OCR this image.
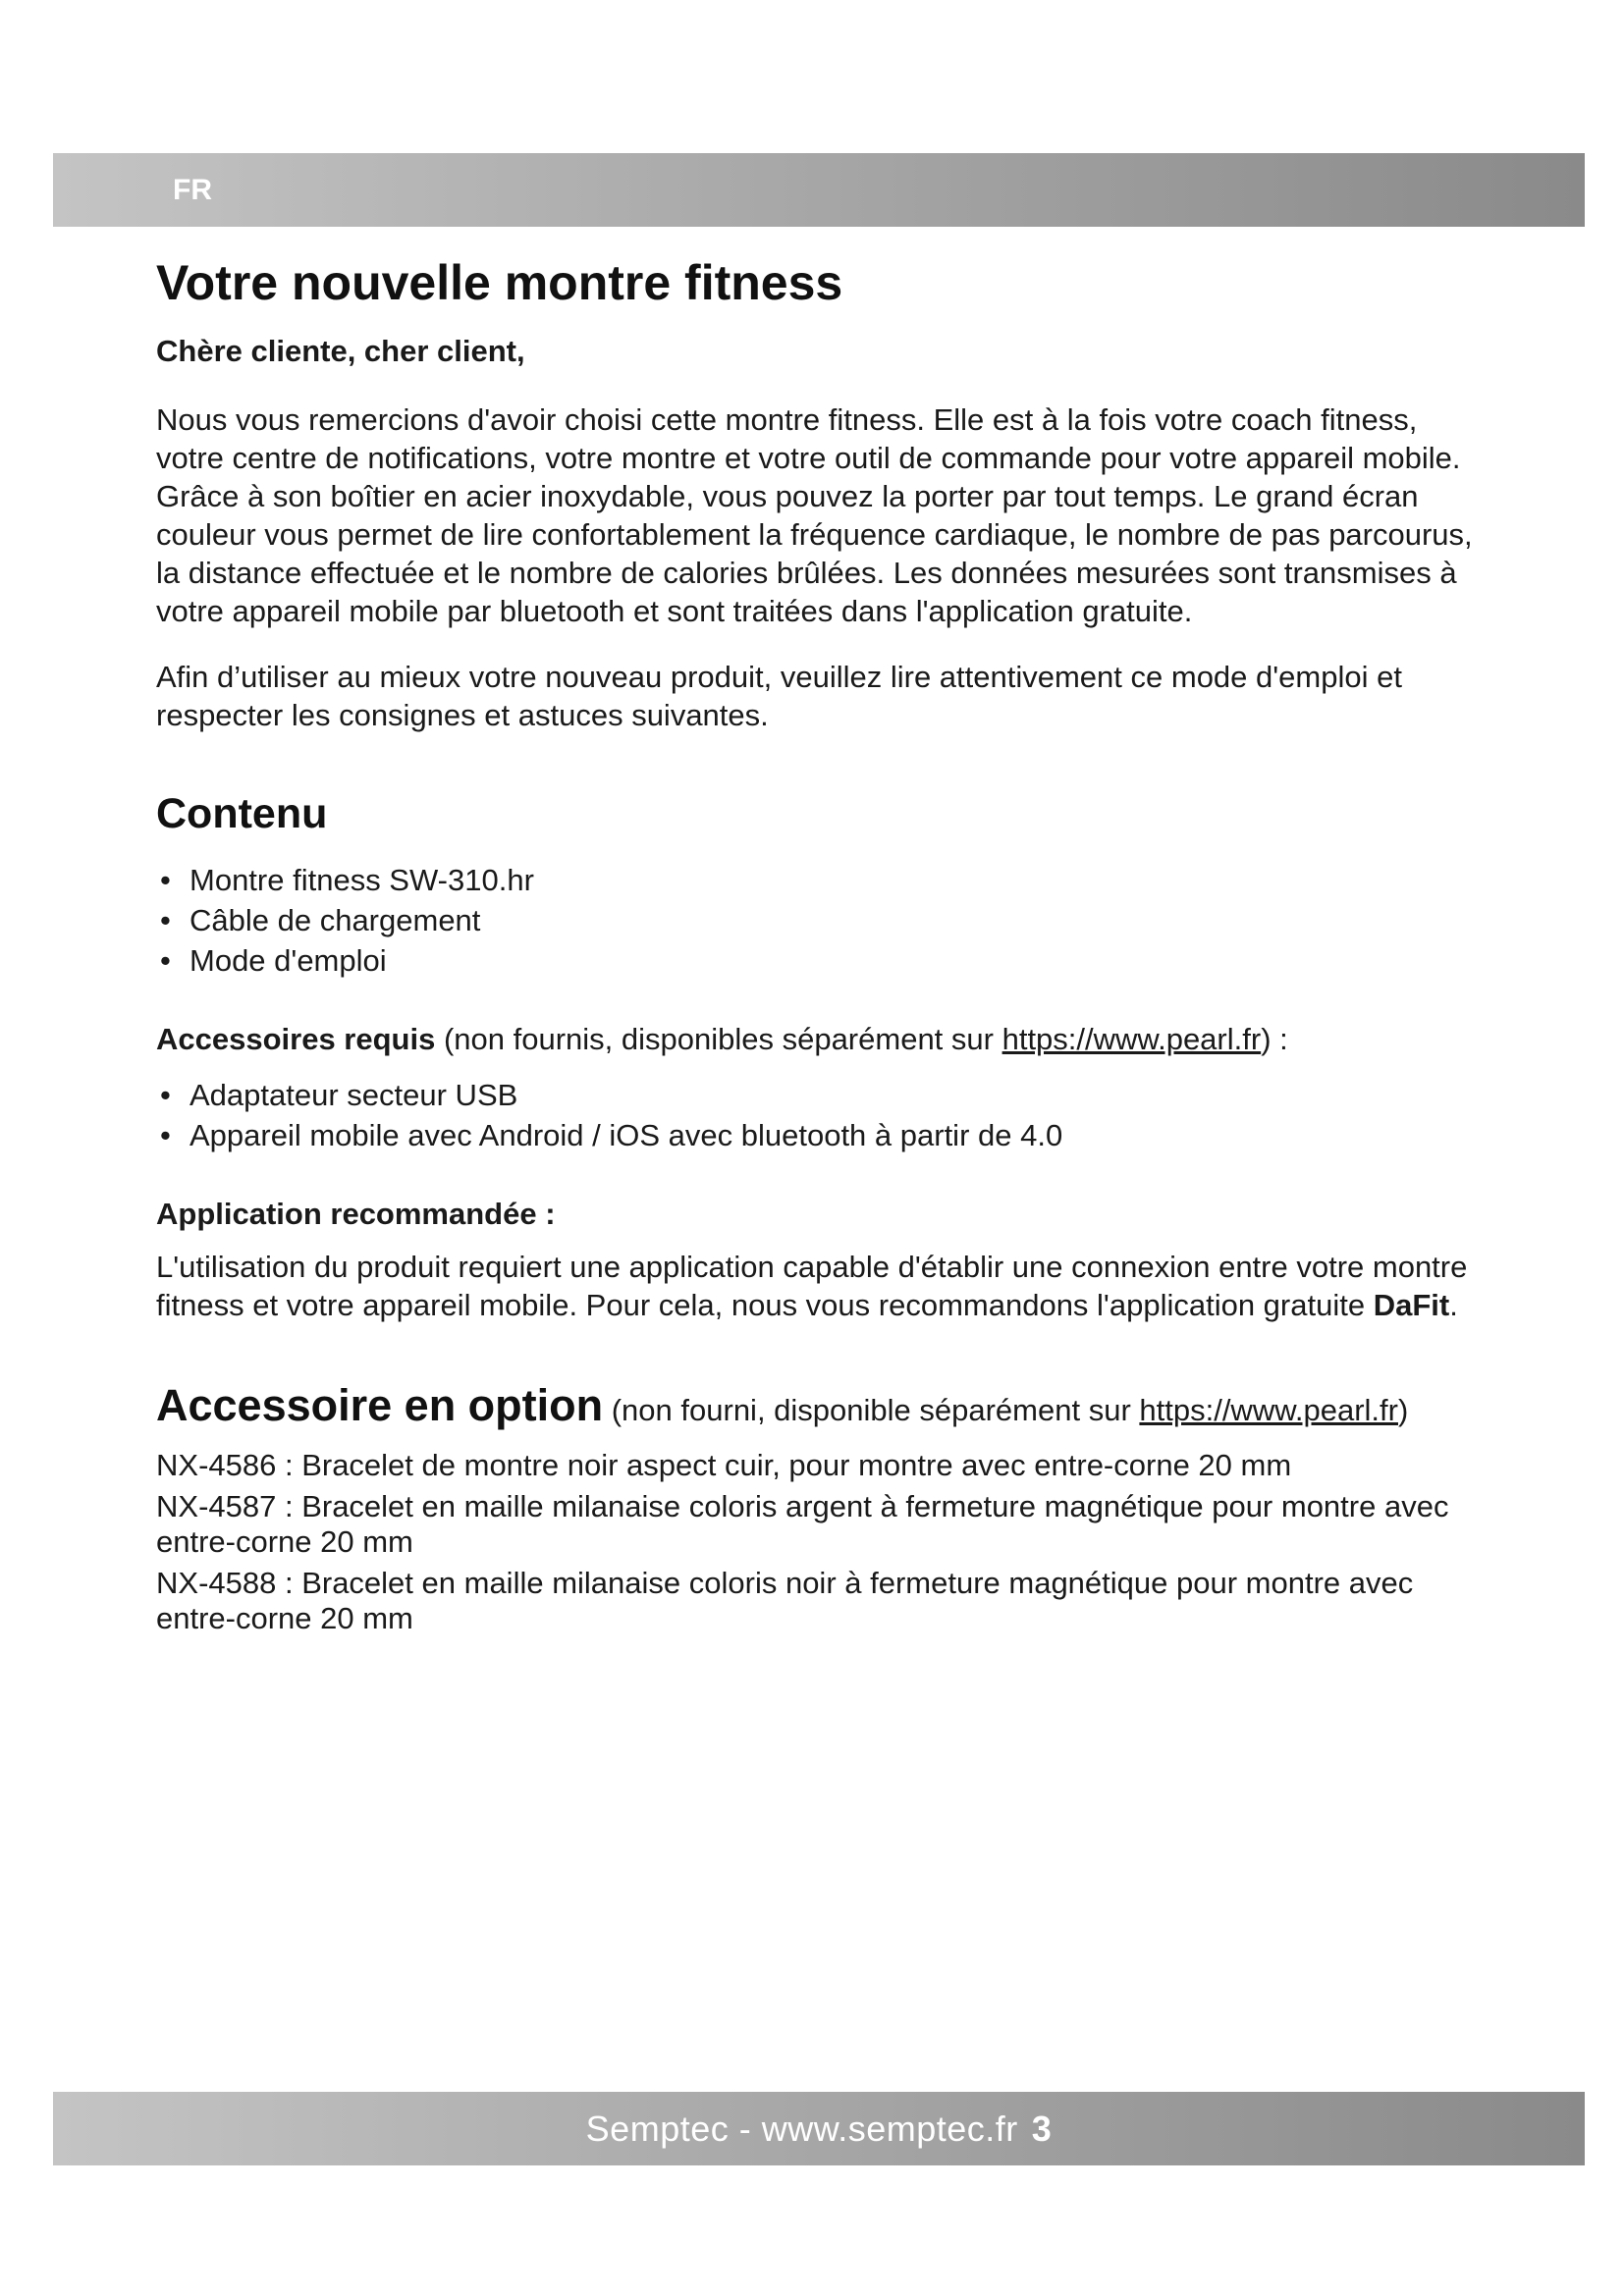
FR
Votre nouvelle montre fitness
Chère cliente, cher client,

Nous vous remercions d'avoir choisi cette montre fitness. Elle est à la fois votre coach fitness, votre centre de notifications, votre montre et votre outil de commande pour votre appareil mobile. Grâce à son boîtier en acier inoxydable, vous pouvez la porter par tout temps. Le grand écran couleur vous permet de lire confortablement la fréquence cardiaque, le nombre de pas parcourus, la distance effectuée et le nombre de calories brûlées. Les données mesurées sont transmises à votre appareil mobile par bluetooth et sont traitées dans l'application gratuite.

Afin d’utiliser au mieux votre nouveau produit, veuillez lire attentivement ce mode d'emploi et respecter les consignes et astuces suivantes.

Contenu
• Montre fitness SW-310.hr
• Câble de chargement
• Mode d'emploi

Accessoires requis (non fournis, disponibles séparément sur https://www.pearl.fr) :

• Adaptateur secteur USB
• Appareil mobile avec Android / iOS avec bluetooth à partir de 4.0

Application recommandée :

L'utilisation du produit requiert une application capable d'établir une connexion entre votre montre fitness et votre appareil mobile. Pour cela, nous vous recommandons l'application gratuite DaFit.

Accessoire en option (non fourni, disponible séparément sur https://www.pearl.fr)

NX-4586 : Bracelet de montre noir aspect cuir, pour montre avec entre-corne 20 mm

NX-4587 : Bracelet en maille milanaise coloris argent à fermeture magnétique pour montre avec entre-corne 20 mm

NX-4588 : Bracelet en maille milanaise coloris noir à fermeture magnétique pour montre avec entre-corne 20 mm

Semptec - www.semptec.fr 3
